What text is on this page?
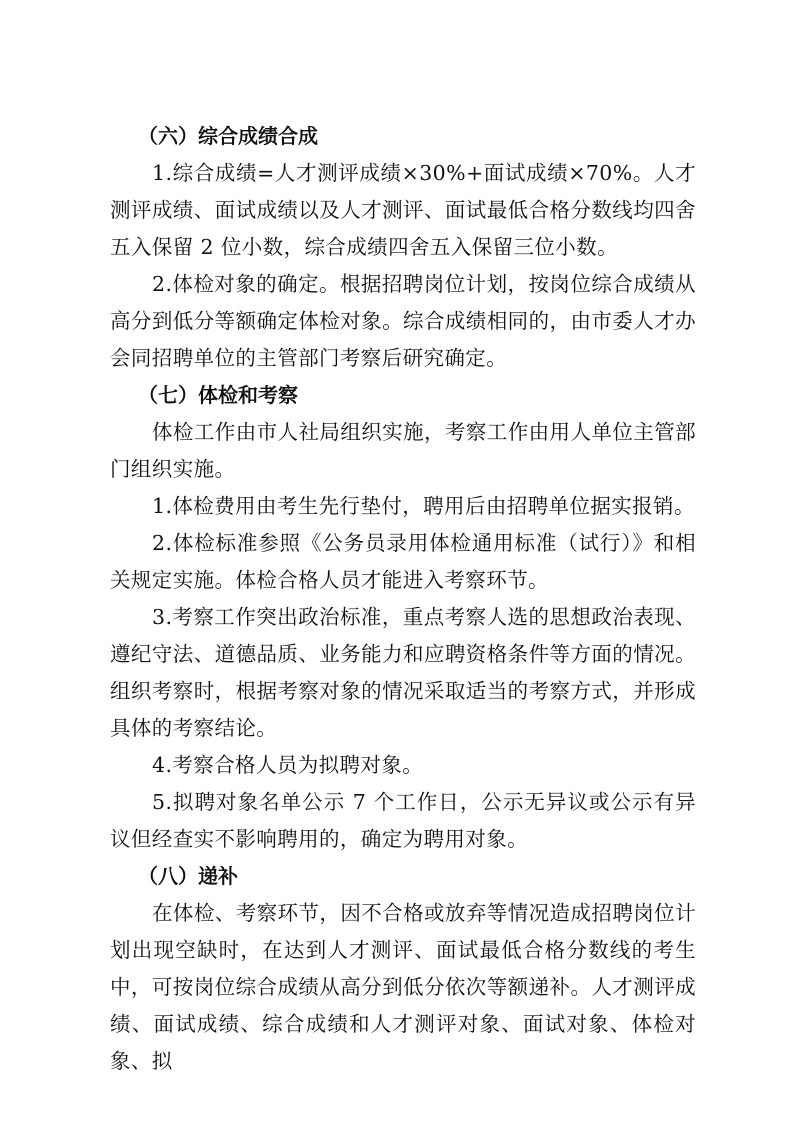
（六）综合成绩合成

1.综合成绩=人才测评成绩×30%+面试成绩×70%。人才测评成绩、面试成绩以及人才测评、面试最低合格分数线均四舍五入保留 2 位小数，综合成绩四舍五入保留三位小数。

2.体检对象的确定。根据招聘岗位计划，按岗位综合成绩从高分到低分等额确定体检对象。综合成绩相同的，由市委人才办会同招聘单位的主管部门考察后研究确定。

（七）体检和考察

体检工作由市人社局组织实施，考察工作由用人单位主管部门组织实施。

1.体检费用由考生先行垫付，聘用后由招聘单位据实报销。

2.体检标准参照《公务员录用体检通用标准（试行）》和相关规定实施。体检合格人员才能进入考察环节。

3.考察工作突出政治标准，重点考察人选的思想政治表现、遵纪守法、道德品质、业务能力和应聘资格条件等方面的情况。组织考察时，根据考察对象的情况采取适当的考察方式，并形成具体的考察结论。

4.考察合格人员为拟聘对象。

5.拟聘对象名单公示 7 个工作日，公示无异议或公示有异议但经查实不影响聘用的，确定为聘用对象。

（八）递补

在体检、考察环节，因不合格或放弃等情况造成招聘岗位计划出现空缺时，在达到人才测评、面试最低合格分数线的考生中，可按岗位综合成绩从高分到低分依次等额递补。人才测评成绩、面试成绩、综合成绩和人才测评对象、面试对象、体检对象、拟
